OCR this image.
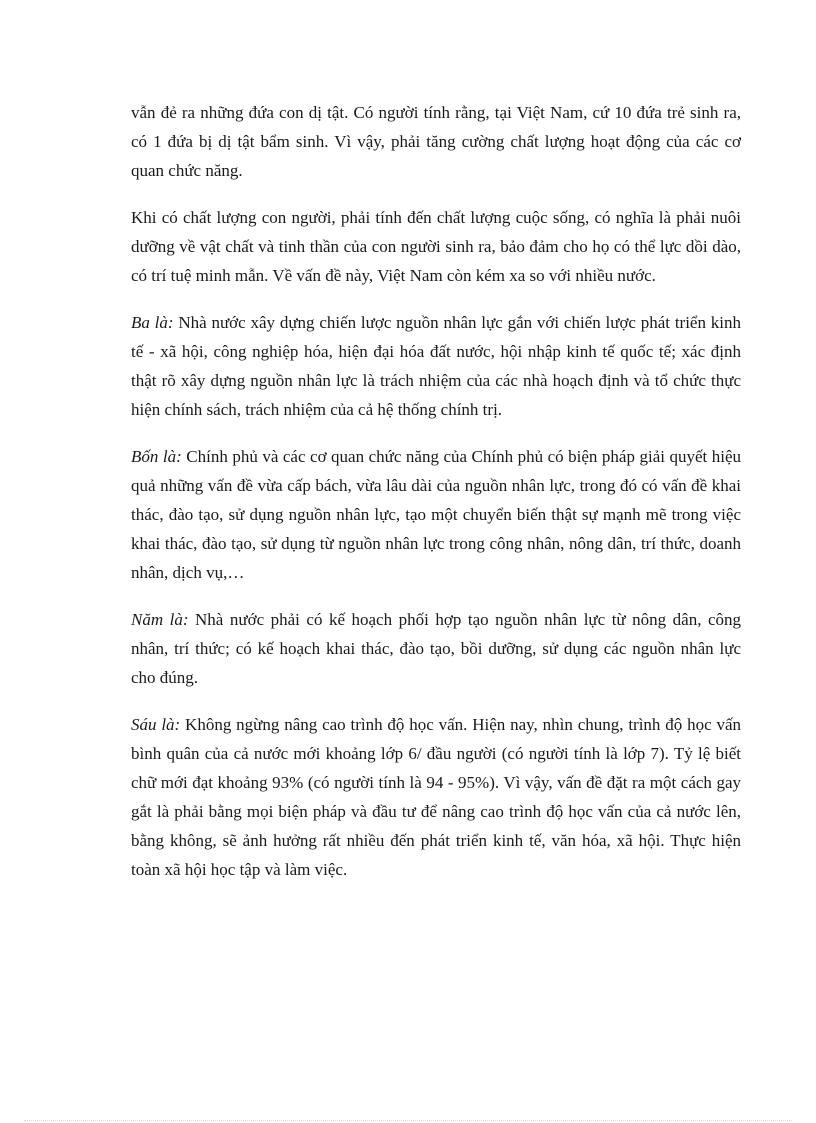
vẫn đẻ ra những đứa con dị tật. Có người tính rằng, tại Việt Nam, cứ 10 đứa trẻ sinh ra, có 1 đứa bị dị tật bẩm sinh. Vì vậy, phải tăng cường chất lượng hoạt động của các cơ quan chức năng.

Khi có chất lượng con người, phải tính đến chất lượng cuộc sống, có nghĩa là phải nuôi dưỡng về vật chất và tinh thần của con người sinh ra, bảo đảm cho họ có thể lực dồi dào, có trí tuệ minh mẫn. Về vấn đề này, Việt Nam còn kém xa so với nhiều nước.

Ba là: Nhà nước xây dựng chiến lược nguồn nhân lực gắn với chiến lược phát triển kinh tế - xã hội, công nghiệp hóa, hiện đại hóa đất nước, hội nhập kinh tế quốc tế; xác định thật rõ xây dựng nguồn nhân lực là trách nhiệm của các nhà hoạch định và tổ chức thực hiện chính sách, trách nhiệm của cả hệ thống chính trị.

Bốn là: Chính phủ và các cơ quan chức năng của Chính phủ có biện pháp giải quyết hiệu quả những vấn đề vừa cấp bách, vừa lâu dài của nguồn nhân lực, trong đó có vấn đề khai thác, đào tạo, sử dụng nguồn nhân lực, tạo một chuyển biến thật sự mạnh mẽ trong việc khai thác, đào tạo, sử dụng từ nguồn nhân lực trong công nhân, nông dân, trí thức, doanh nhân, dịch vụ,…

Năm là: Nhà nước phải có kế hoạch phối hợp tạo nguồn nhân lực từ nông dân, công nhân, trí thức; có kế hoạch khai thác, đào tạo, bồi dưỡng, sử dụng các nguồn nhân lực cho đúng.

Sáu là: Không ngừng nâng cao trình độ học vấn. Hiện nay, nhìn chung, trình độ học vấn bình quân của cả nước mới khoảng lớp 6/ đầu người (có người tính là lớp 7). Tỷ lệ biết chữ mới đạt khoảng 93% (có người tính là 94 - 95%). Vì vậy, vấn đề đặt ra một cách gay gắt là phải bằng mọi biện pháp và đầu tư để nâng cao trình độ học vấn của cả nước lên, bằng không, sẽ ảnh hưởng rất nhiều đến phát triển kinh tế, văn hóa, xã hội. Thực hiện toàn xã hội học tập và làm việc.
